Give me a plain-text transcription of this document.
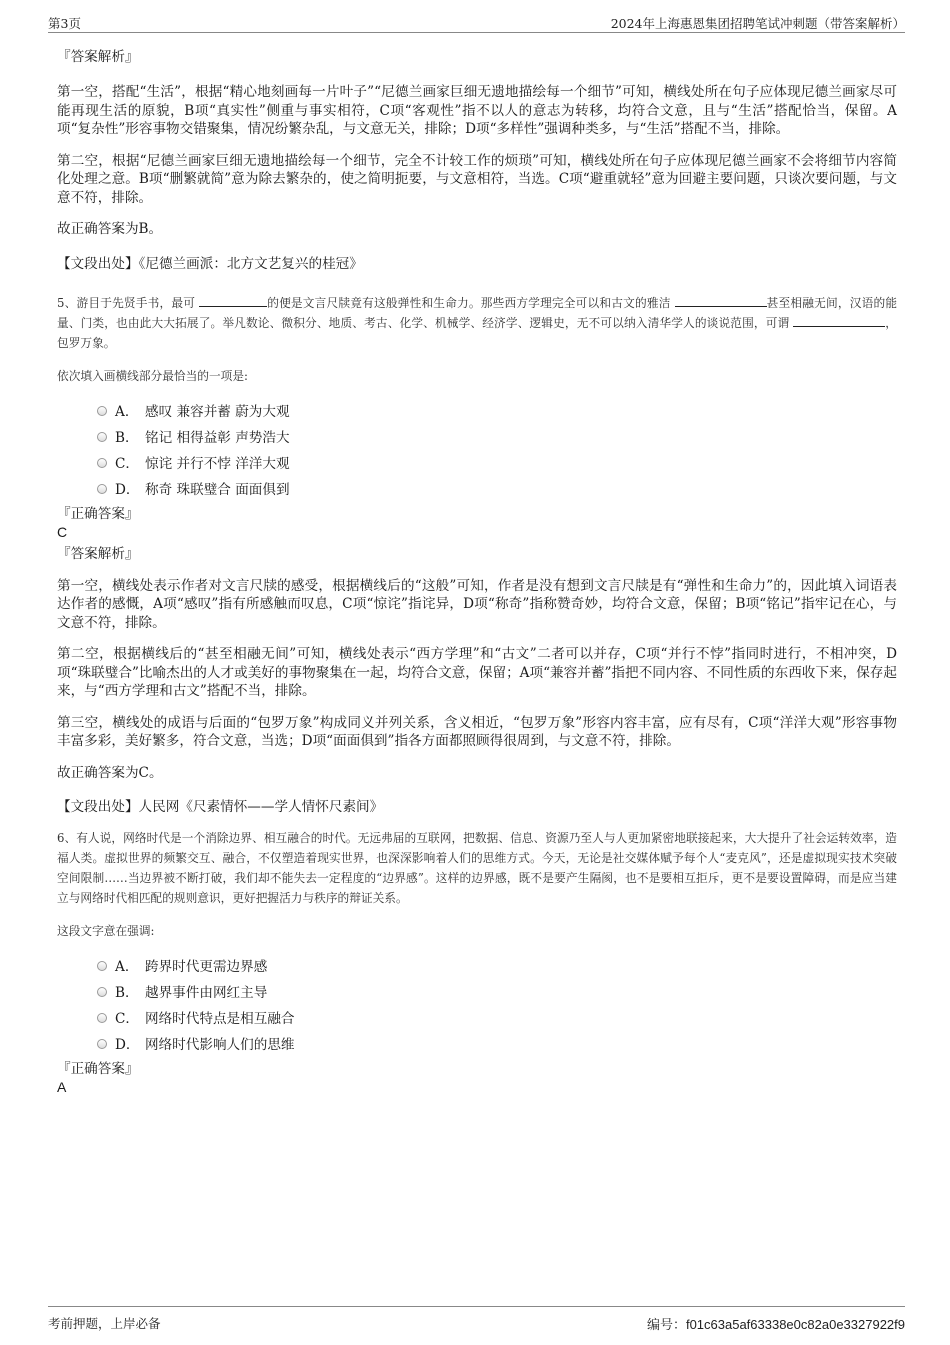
第3页	2024年上海惠恩集团招聘笔试冲刺题（带答案解析）

『答案解析』

第一空，搭配“生活”，根据“精心地刻画每一片叶子”“尼德兰画家巨细无遗地描绘每一个细节”可知，横线处所在句子应体现尼德兰画家尽可能再现生活的原貌，B项“真实性”侧重与事实相符，C项“客观性”指不以人的意志为转移，均符合文意，且与“生活”搭配恰当，保留。A项“复杂性”形容事物交错聚集，情况纷繁杂乱，与文意无关，排除；D项“多样性”强调种类多，与“生活”搭配不当，排除。

第二空，根据“尼德兰画家巨细无遗地描绘每一个细节，完全不计较工作的烦琐”可知，横线处所在句子应体现尼德兰画家不会将细节内容简化处理之意。B项“删繁就简”意为除去繁杂的，使之简明扼要，与文意相符，当选。C项“避重就轻”意为回避主要问题，只谈次要问题，与文意不符，排除。

故正确答案为B。

【文段出处】《尼德兰画派：北方文艺复兴的桂冠》

5、游目于先贤手书，最可	的便是文言尺牍竟有这般弹性和生命力。那些西方学理完全可以和古文的雅洁	甚至相融无间，汉语的能量、门类，也由此大大拓展了。举凡数论、微积分、地质、考古、化学、机械学、经济学、逻辑史，无不可以纳入清华学人的谈说范围，可谓	，包罗万象。

依次填入画横线部分最恰当的一项是:

A． 感叹 兼容并蓄 蔚为大观
B． 铭记 相得益彰 声势浩大
C． 惊诧 并行不悖 洋洋大观
D． 称奇 珠联璧合 面面俱到

『正确答案』

C

『答案解析』

第一空，横线处表示作者对文言尺牍的感受，根据横线后的“这般”可知，作者是没有想到文言尺牍是有“弹性和生命力”的，因此填入词语表达作者的感慨，A项“感叹”指有所感触而叹息，C项“惊诧”指诧异，D项“称奇”指称赞奇妙，均符合文意，保留；B项“铭记”指牢记在心，与文意不符，排除。

第二空，根据横线后的“甚至相融无间”可知，横线处表示“西方学理”和“古文”二者可以并存，C项“并行不悖”指同时进行，不相冲突，D项“珠联璧合”比喻杰出的人才或美好的事物聚集在一起，均符合文意，保留；A项“兼容并蓄”指把不同内容、不同性质的东西收下来，保存起来，与“西方学理和古文”搭配不当，排除。

第三空，横线处的成语与后面的“包罗万象”构成同义并列关系，含义相近，“包罗万象”形容内容丰富，应有尽有，C项“洋洋大观”形容事物丰富多彩，美好繁多，符合文意，当选；D项“面面俱到”指各方面都照顾得很周到，与文意不符，排除。

故正确答案为C。

【文段出处】人民网《尺素情怀——学人情怀尺素间》

6、有人说，网络时代是一个消除边界、相互融合的时代。无远弗届的互联网，把数据、信息、资源乃至人与人更加紧密地联接起来，大大提升了社会运转效率，造福人类。虚拟世界的频繁交互、融合，不仅塑造着现实世界，也深深影响着人们的思维方式。今天，无论是社交媒体赋予每个人“麦克风”，还是虚拟现实技术突破空间限制……当边界被不断打破，我们却不能失去一定程度的“边界感”。这样的边界感，既不是要产生隔阂，也不是要相互拒斥，更不是要设置障碍，而是应当建立与网络时代相匹配的规则意识，更好把握活力与秩序的辩证关系。

这段文字意在强调:

A． 跨界时代更需边界感
B． 越界事件由网红主导
C． 网络时代特点是相互融合
D． 网络时代影响人们的思维

『正确答案』

A

考前押题，上岸必备	编号：f01c63a5af63338e0c82a0e3327922f9
